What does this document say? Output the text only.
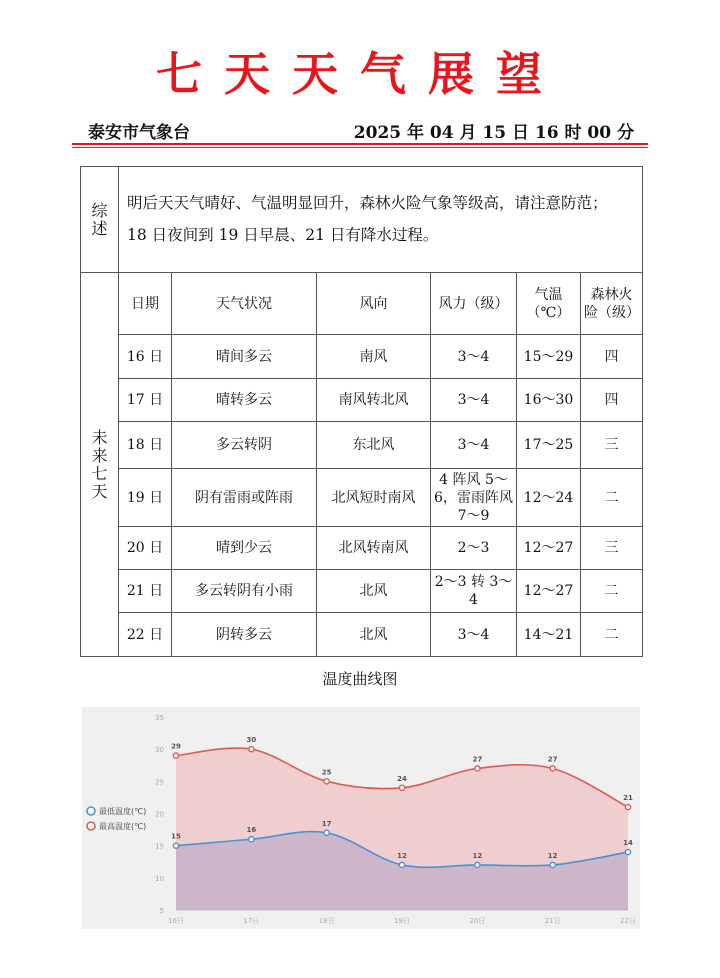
七天天气展望
泰安市气象台	2025 年 04 月 15 日 16 时 00 分
综述	明后天天气晴好、气温明显回升，森林火险气象等级高，请注意防范；
18 日夜间到 19 日早晨、21 日有降水过程。					

未来七天	日期	天气状况	风向	风力（级）	气温（℃）	森林火险（级）
	16 日	晴间多云	南风	3～4	15～29	四
	17 日	晴转多云	南风转北风	3～4	16～30	四
	18 日	多云转阴	东北风	3～4	17～25	三
	19 日	阴有雷雨或阵雨	北风短时南风	4 阵风 5～6，雷雨阵风 7～9	12～24	二
	20 日	晴到少云	北风转南风	2～3	12～27	三
	21 日	多云转阴有小雨	北风	2～3 转 3～4	12～27	二
	22 日	阴转多云	北风	3～4	14～21	二
温度曲线图
5
10
15
20
25
30
35
16日	17日	18日	19日	20日	21日	22日
15
16
17
12	12	12
14
29
30
25
24
27	27
21
最低温度(℃)
最高温度(℃)
